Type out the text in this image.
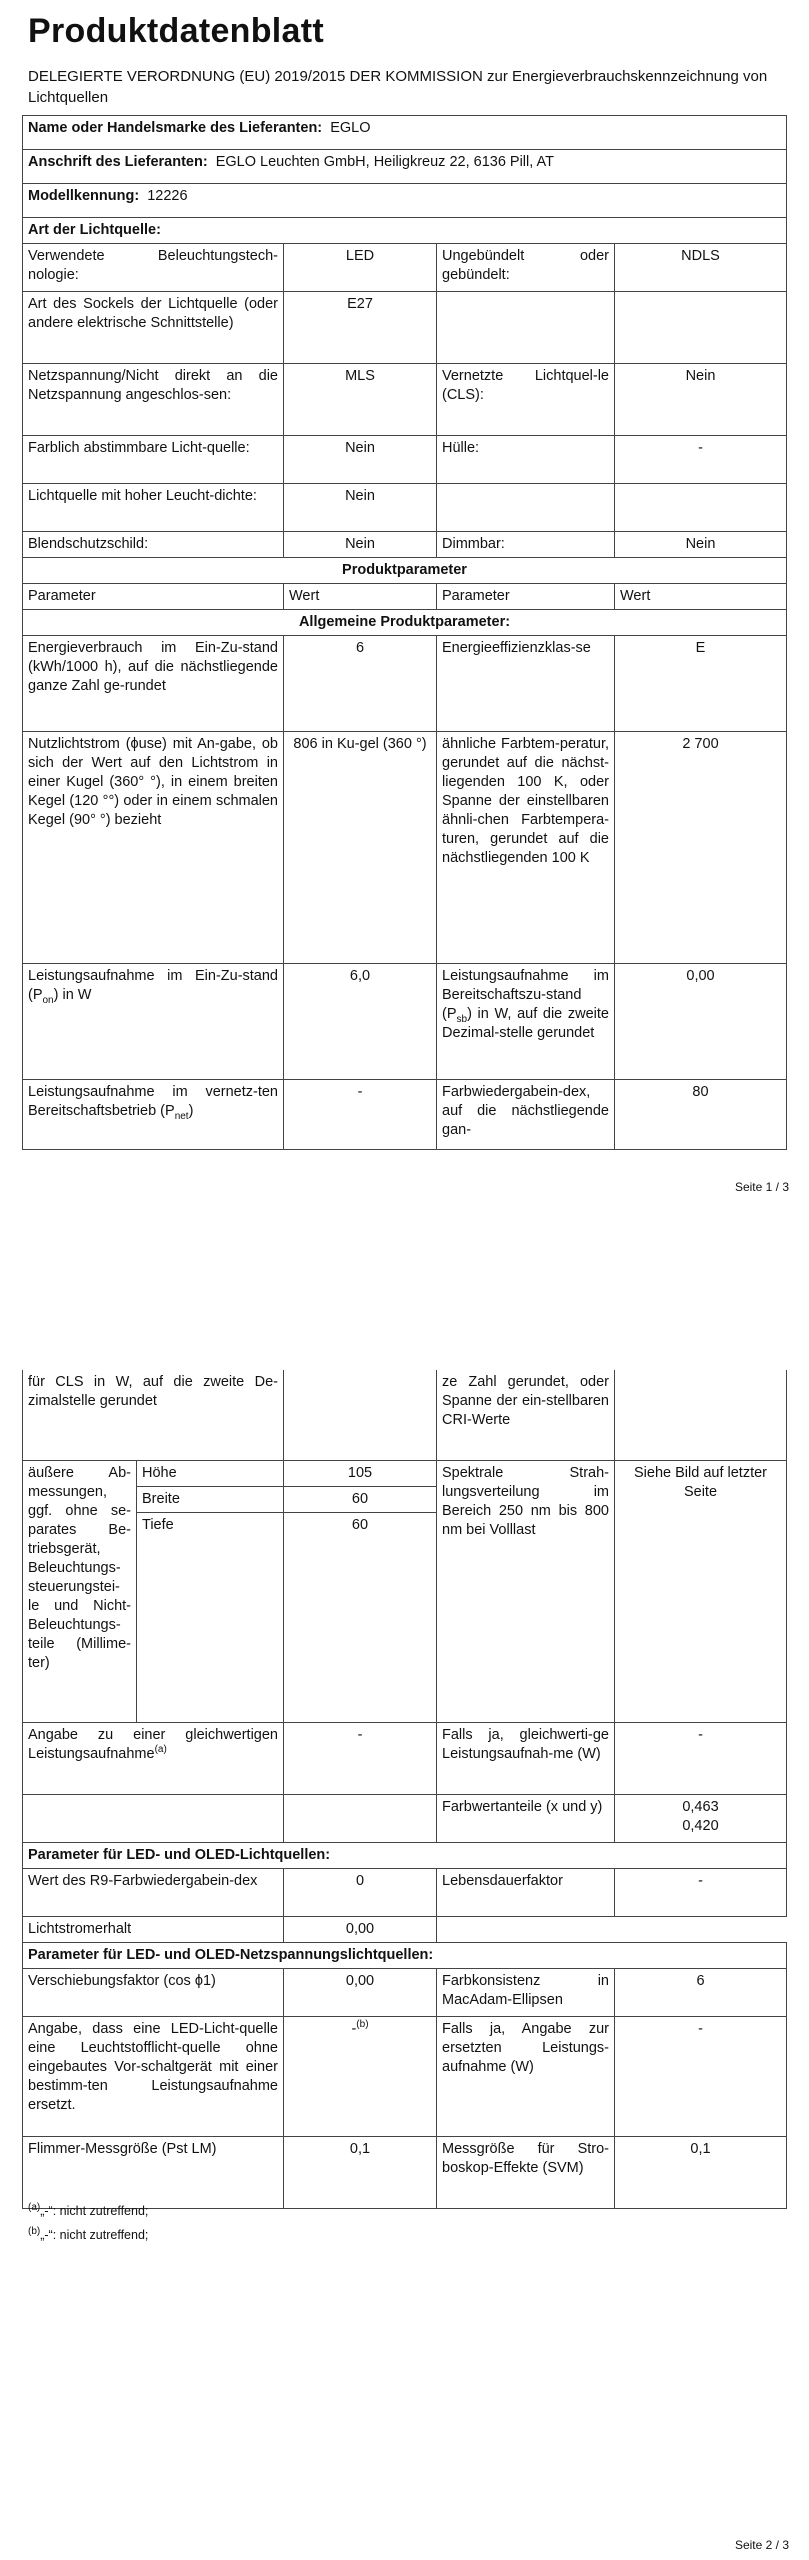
Produktdatenblatt
DELEGIERTE VERORDNUNG (EU) 2019/2015 DER KOMMISSION zur Energieverbrauchskennzeichnung von Lichtquellen
Name oder Handelsmarke des Lieferanten: EGLO			
Anschrift des Lieferanten: EGLO Leuchten GmbH, Heiligkreuz 22, 6136 Pill, AT			
Modellkennung: 12226			
Art der Lichtquelle:			
Verwendete Beleuchtungstech-nologie:	LED	Ungebündelt oder gebündelt:	NDLS
Art des Sockels der Lichtquelle (oder andere elektrische Schnittstelle)	E27		
Netzspannung/Nicht direkt an die Netzspannung angeschlos-sen:	MLS	Vernetzte Lichtquel-le (CLS):	Nein
Farblich abstimmbare Licht-quelle:	Nein	Hülle:	-
Lichtquelle mit hoher Leucht-dichte:	Nein		
Blendschutzschild:	Nein	Dimmbar:	Nein
Produktparameter			
Parameter	Wert	Parameter	Wert
Allgemeine Produktparameter:			
Energieverbrauch im Ein-Zu-stand (kWh/1000 h), auf die nächstliegende ganze Zahl ge-rundet	6	Energieeffizienzklas-se	E
Nutzlichtstrom (ϕuse) mit An-gabe, ob sich der Wert auf den Lichtstrom in einer Kugel (360° °), in einem breiten Kegel (120 °°) oder in einem schmalen Kegel (90° °) bezieht	806 in Ku-gel (360 °)	ähnliche Farbtem-peratur, gerundet auf die nächst-liegenden 100 K, oder Spanne der einstellbaren ähnli-chen Farbtempera-turen, gerundet auf die nächstliegenden 100 K	2 700
Leistungsaufnahme im Ein-Zu-stand $(P_{on})$ in W	6,0	Leistungsaufnahme im Bereitschaftszu-stand $(P_{sb})$ in W, auf die zweite Dezimal-stelle gerundet	0,00
Leistungsaufnahme im vernetz-ten Bereitschaftsbetrieb $(P_{net})$	-	Farbwiedergabein-dex, auf die nächstliegende gan-	80
Seite 1 / 3
für CLS in W, auf die zweite De-zimalstelle gerundet			ze Zahl gerundet, oder Spanne der ein-stellbaren CRI-Werte	
äußere Ab-messungen, ggf. ohne se-parates Be-triebsgerät, Beleuchtungs-steuerungstei-le und Nicht-Beleuchtungs-teile (Millime-ter)	Höhe	105	Spektrale Strah-lungsverteilung im Bereich 250 nm bis 800 nm bei Volllast	Siehe Bild auf letzter Seite
	Breite	60		
	Tiefe	60		
Angabe zu einer gleichwertigen Leistungsaufnahme$^{(a)}$		-	Falls ja, gleichwerti-ge Leistungsaufnah-me (W)	-
			Farbwertanteile (x und y)	0,463
0,420

Parameter für LED- und OLED-Lichtquellen:				
Wert des R9-Farbwiedergabein-dex		0	Lebensdauerfaktor	-
Lichtstromerhalt		0,00		
Parameter für LED- und OLED-Netzspannungslichtquellen:				
Verschiebungsfaktor (cos ϕ1)		0,00	Farbkonsistenz in MacAdam-Ellipsen	6
Angabe, dass eine LED-Licht-quelle eine Leuchtstofflicht-quelle ohne eingebautes Vor-schaltgerät mit einer bestimm-ten Leistungsaufnahme ersetzt.		-$^{(b)}$	Falls ja, Angabe zur ersetzten Leistungs-aufnahme (W)	-
Flimmer-Messgröße (Pst LM)		0,1	Messgröße für Stro-boskop-Effekte (SVM)	0,1
$^{(a)}$„-“: nicht zutreffend;
$^{(b)}$„-“: nicht zutreffend;
Seite 2 / 3
